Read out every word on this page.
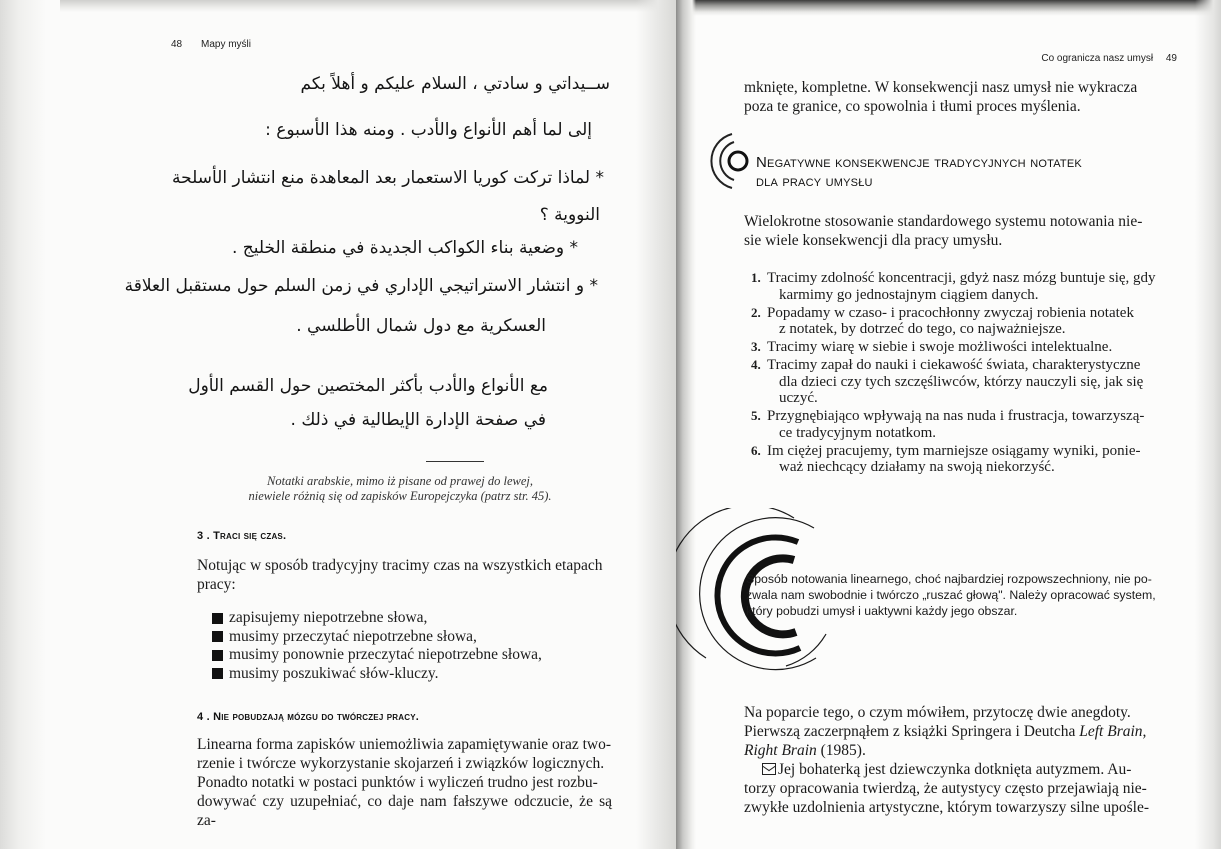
48 Mapy myśli
ســيداتي و سادتي ، السلام عليكم و أهلاً بكم
إلى لما أهم الأنواع والأدب . ومنه هذا الأسبوع :
* لماذا تركت كوريا الاستعمار بعد المعاهدة منع انتشار الأسلحة
النووية ؟
* وضعية بناء الكواكب الجديدة في منطقة الخليج .
* و انتشار الاستراتيجي الإداري في زمن السلم حول مستقبل العلاقة
العسكرية مع دول شمال الأطلسي .
مع الأنواع والأدب بأكثر المختصين حول القسم الأول
في صفحة الإدارة الإيطالية في ذلك .
Notatki arabskie, mimo iż pisane od prawej do lewej,
niewiele różnią się od zapisków Europejczyka (patrz str. 45).
3 . Traci się czas.
Notując w sposób tradycyjny tracimy czas na wszystkich etapach pracy:
zapisujemy niepotrzebne słowa,
musimy przeczytać niepotrzebne słowa,
musimy ponownie przeczytać niepotrzebne słowa,
musimy poszukiwać słów-kluczy.
4 . Nie pobudzają mózgu do twórczej pracy.
Linearna forma zapisków uniemożliwia zapamiętywanie oraz two-
rzenie i twórcze wykorzystanie skojarzeń i związków logicznych.
Ponadto notatki w postaci punktów i wyliczeń trudno jest rozbu-
dowywać czy uzupełniać, co daje nam fałszywe odczucie, że są za-
Co ogranicza nasz umysł 49
mknięte, kompletne. W konsekwencji nasz umysł nie wykracza
poza te granice, co spowolnia i tłumi proces myślenia.
Negatywne konsekwencje tradycyjnych notatek
dla pracy umysłu
Wielokrotne stosowanie standardowego systemu notowania nie-
sie wiele konsekwencji dla pracy umysłu.
1. Tracimy zdolność koncentracji, gdyż nasz mózg buntuje się, gdy
karmimy go jednostajnym ciągiem danych.
2. Popadamy w czaso- i pracochłonny zwyczaj robienia notatek
z notatek, by dotrzeć do tego, co najważniejsze.
3. Tracimy wiarę w siebie i swoje możliwości intelektualne.
4. Tracimy zapał do nauki i ciekawość świata, charakterystyczne
dla dzieci czy tych szczęśliwców, którzy nauczyli się, jak się
uczyć.
5. Przygnębiająco wpływają na nas nuda i frustracja, towarzyszą-
ce tradycyjnym notatkom.
6. Im ciężej pracujemy, tym marniejsze osiągamy wyniki, ponie-
waż niechcący działamy na swoją niekorzyść.
Sposób notowania linearnego, choć najbardziej rozpowszechniony, nie po-
zwala nam swobodnie i twórczo „ruszać głową". Należy opracować system,
który pobudzi umysł i uaktywni każdy jego obszar.
Na poparcie tego, o czym mówiłem, przytoczę dwie anegdoty.
Pierwszą zaczerpnąłem z książki Springera i Deutcha Left Brain,
Right Brain (1985).
Jej bohaterką jest dziewczynka dotknięta autyzmem. Au-
torzy opracowania twierdzą, że autystycy często przejawiają nie-
zwykłe uzdolnienia artystyczne, którym towarzyszy silne upośle-
